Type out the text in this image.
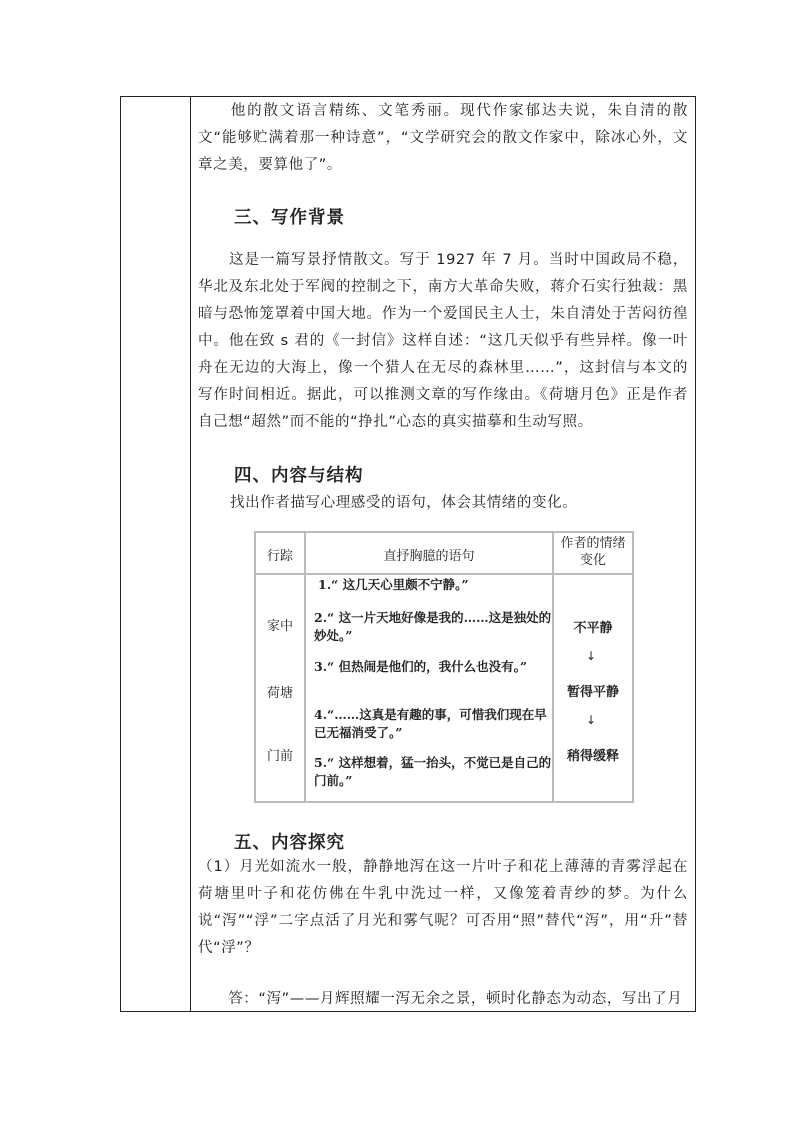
　　他的散文语言精练、文笔秀丽。现代作家郁达夫说，朱自清的散文“能够贮满着那一种诗意”，“文学研究会的散文作家中，除冰心外，文章之美，要算他了”。
三、写作背景
　　这是一篇写景抒情散文。写于 1927 年 7 月。当时中国政局不稳，华北及东北处于军阀的控制之下，南方大革命失败，蒋介石实行独裁：黑暗与恐怖笼罩着中国大地。作为一个爱国民主人士，朱自清处于苦闷彷徨中。他在致 s 君的《一封信》这样自述：“这几天似乎有些异样。像一叶舟在无边的大海上，像一个猎人在无尽的森林里……”，这封信与本文的写作时间相近。据此，可以推测文章的写作缘由。《荷塘月色》正是作者自己想“超然”而不能的“挣扎”心态的真实描摹和生动写照。
四、内容与结构
找出作者描写心理感受的语句，体会其情绪的变化。
五、内容探究
（1）月光如流水一般，静静地泻在这一片叶子和花上薄薄的青雾浮起在荷塘里叶子和花仿佛在牛乳中洗过一样，又像笼着青纱的梦。为什么说“泻”“浮”二字点活了月光和雾气呢？可否用“照”替代“泻”，用“升”替代“浮”？
　　答：“泻”——月辉照耀一泻无余之景，顿时化静态为动态，写出了月
行踪	直抒胸臆的语句
作者的情绪变化
家中
荷塘
门前
1.“ 这几天心里颇不宁静。”
2.“ 这一片天地好像是我的……这是独处的妙处。”
3.“ 但热闹是他们的，我什么也没有。”
4.“……这真是有趣的事，可惜我们现在早已无福消受了。”
5.“ 这样想着，猛一抬头，不觉已是自己的门前。”
不平静
↓
暂得平静
↓
稍得缓释
